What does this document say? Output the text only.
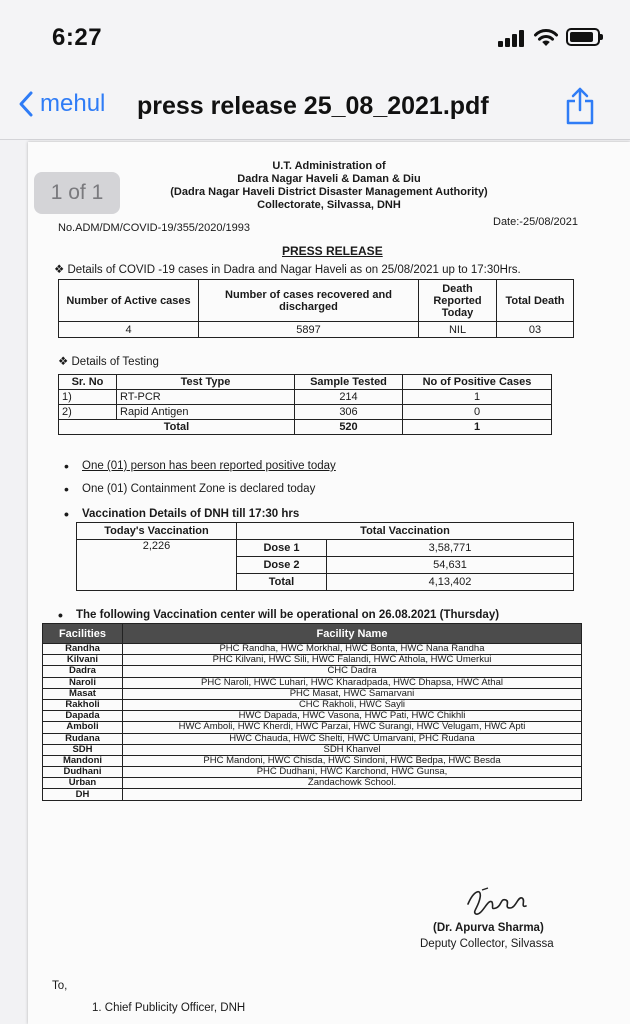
6:27
mehul press release 25_08_2021.pdf
1 of 1
U.T. Administration of
Dadra Nagar Haveli & Daman & Diu
(Dadra Nagar Haveli District Disaster Management Authority)
Collectorate, Silvassa, DNH
No.ADM/DM/COVID-19/355/2020/1993	Date:-25/08/2021
PRESS RELEASE
❖ Details of COVID -19 cases in Dadra and Nagar Haveli as on 25/08/2021 up to 17:30Hrs.
Number of Active cases	Number of cases recovered and discharged	Death Reported Today	Total Death
4	5897	NIL	03
❖ Details of Testing
Sr. No	Test Type	Sample Tested	No of Positive Cases
1)	RT-PCR	214	1
2)	Rapid Antigen	306	0
Total		520	1
• One (01) person has been reported positive today
• One (01) Containment Zone is declared today
• Vaccination Details of DNH till 17:30 hrs
Today's Vaccination	Total Vaccination	
2,226	Dose 1	3,58,771
	Dose 2	54,631
	Total	4,13,402
• The following Vaccination center will be operational on 26.08.2021 (Thursday)
Facilities	Facility Name
Randha	PHC Randha, HWC Morkhal, HWC Bonta, HWC Nana Randha
Kilvani	PHC Kilvani, HWC Sili, HWC Falandi, HWC Athola, HWC Umerkui
Dadra	CHC Dadra
Naroli	PHC Naroli, HWC Luhari, HWC Kharadpada, HWC Dhapsa, HWC Athal
Masat	PHC Masat, HWC Samarvani
Rakholi	CHC Rakholi, HWC Sayli
Dapada	HWC Dapada, HWC Vasona, HWC Pati, HWC Chikhli
Amboli	HWC Amboli, HWC Kherdi, HWC Parzai, HWC Surangi, HWC Velugam, HWC Apti
Rudana	HWC Chauda, HWC Shelti, HWC Umarvani, PHC Rudana
SDH	SDH Khanvel
Mandoni	PHC Mandoni, HWC Chisda, HWC Sindoni, HWC Bedpa, HWC Besda
Dudhani	PHC Dudhani, HWC Karchond, HWC Gunsa,
Urban	Zandachowk School.
DH	
(Dr. Apurva Sharma)
Deputy Collector, Silvassa
To,
1. Chief Publicity Officer, DNH
